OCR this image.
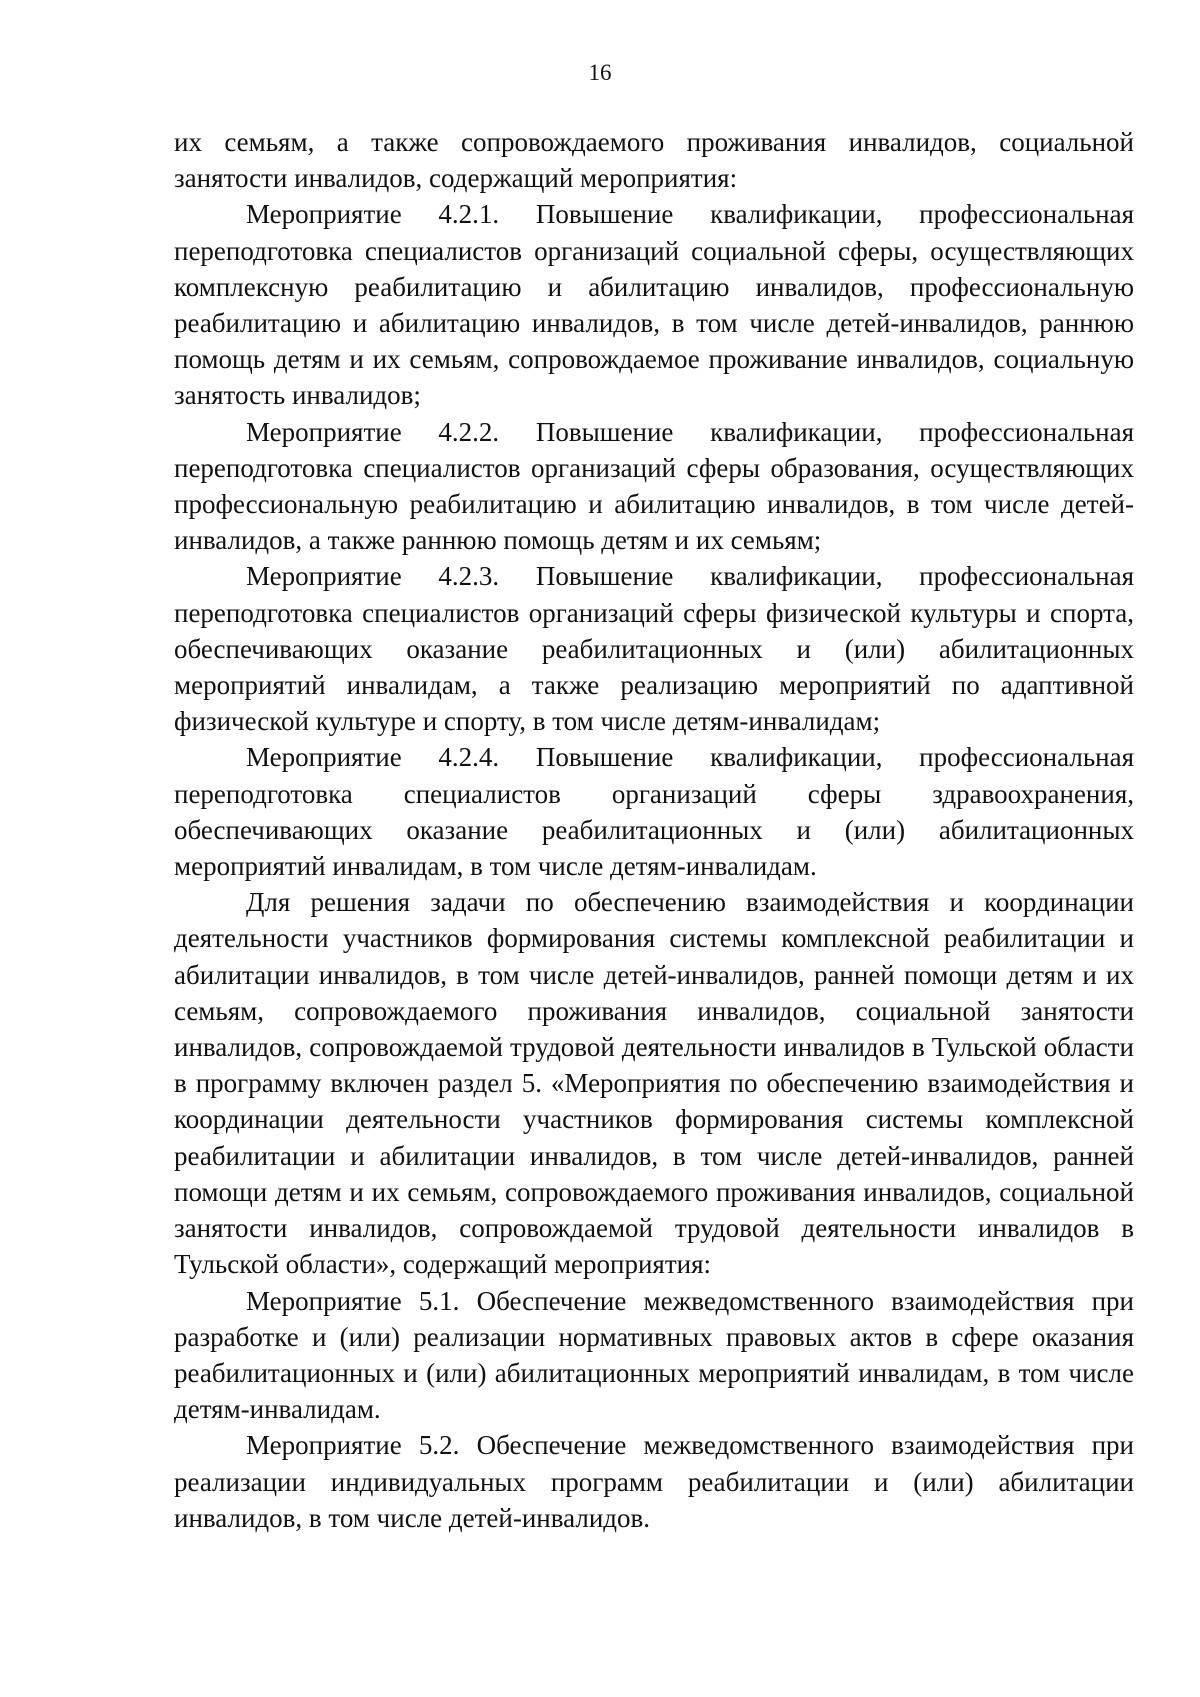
16

их семьям, а также сопровождаемого проживания инвалидов, социальной занятости инвалидов, содержащий мероприятия:

Мероприятие 4.2.1. Повышение квалификации, профессиональная переподготовка специалистов организаций социальной сферы, осуществляющих комплексную реабилитацию и абилитацию инвалидов, профессиональную реабилитацию и абилитацию инвалидов, в том числе детей-инвалидов, раннюю помощь детям и их семьям, сопровождаемое проживание инвалидов, социальную занятость инвалидов;

Мероприятие 4.2.2. Повышение квалификации, профессиональная переподготовка специалистов организаций сферы образования, осуществляющих профессиональную реабилитацию и абилитацию инвалидов, в том числе детей-инвалидов, а также раннюю помощь детям и их семьям;

Мероприятие 4.2.3. Повышение квалификации, профессиональная переподготовка специалистов организаций сферы физической культуры и спорта, обеспечивающих оказание реабилитационных и (или) абилитационных мероприятий инвалидам, а также реализацию мероприятий по адаптивной физической культуре и спорту, в том числе детям-инвалидам;

Мероприятие 4.2.4. Повышение квалификации, профессиональная переподготовка специалистов организаций сферы здравоохранения, обеспечивающих оказание реабилитационных и (или) абилитационных мероприятий инвалидам, в том числе детям-инвалидам.

Для решения задачи по обеспечению взаимодействия и координации деятельности участников формирования системы комплексной реабилитации и абилитации инвалидов, в том числе детей-инвалидов, ранней помощи детям и их семьям, сопровождаемого проживания инвалидов, социальной занятости инвалидов, сопровождаемой трудовой деятельности инвалидов в Тульской области в программу включен раздел 5. «Мероприятия по обеспечению взаимодействия и координации деятельности участников формирования системы комплексной реабилитации и абилитации инвалидов, в том числе детей-инвалидов, ранней помощи детям и их семьям, сопровождаемого проживания инвалидов, социальной занятости инвалидов, сопровождаемой трудовой деятельности инвалидов в Тульской области», содержащий мероприятия:

Мероприятие 5.1. Обеспечение межведомственного взаимодействия при разработке и (или) реализации нормативных правовых актов в сфере оказания реабилитационных и (или) абилитационных мероприятий инвалидам, в том числе детям-инвалидам.

Мероприятие 5.2. Обеспечение межведомственного взаимодействия при реализации индивидуальных программ реабилитации и (или) абилитации инвалидов, в том числе детей-инвалидов.
